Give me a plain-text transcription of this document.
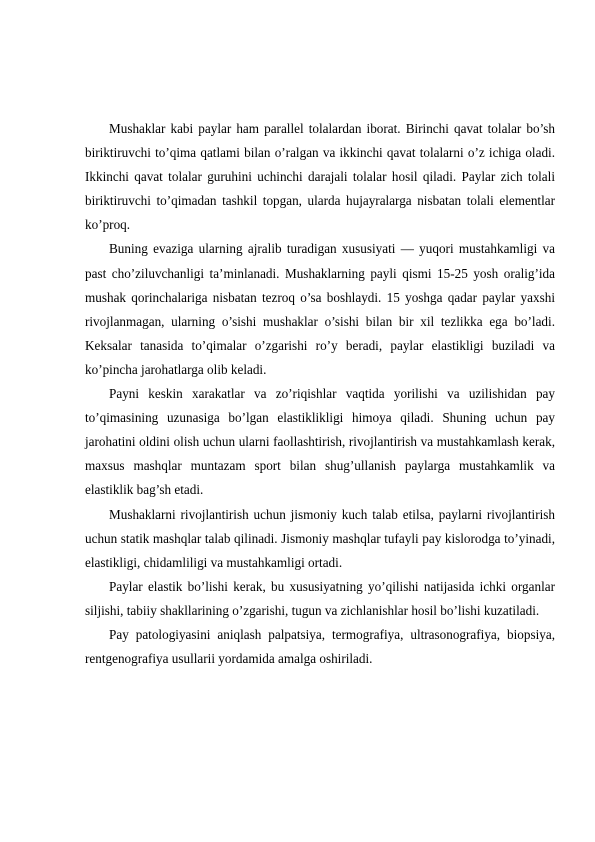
Mushaklar kabi paylar ham parallel tolalardan iborat. Birinchi qavat tolalar bo’sh biriktiruvchi to’qima qatlami bilan o’ralgan va ikkinchi qavat tolalarni o’z ichiga oladi. Ikkinchi qavat tolalar guruhini uchinchi darajali tolalar hosil qiladi. Paylar zich tolali biriktiruvchi to’qimadan tashkil topgan, ularda hujayralarga nisbatan tolali elementlar ko’proq.

Buning evaziga ularning ajralib turadigan xususiyati — yuqori mustahkamligi va past cho’ziluvchanligi ta’minlanadi. Mushaklarning payli qismi 15-25 yosh oralig’ida mushak qorinchalariga nisbatan tezroq o’sa boshlaydi. 15 yoshga qadar paylar yaxshi rivojlanmagan, ularning o’sishi mushaklar o’sishi bilan bir xil tezlikka ega bo’ladi. Keksalar tanasida to’qimalar o’zgarishi ro’y beradi, paylar elastikligi buziladi va ko’pincha jarohatlarga olib keladi.

Payni keskin xarakatlar va zo’riqishlar vaqtida yorilishi va uzilishidan pay to’qimasining uzunasiga bo’lgan elastiklikligi himoya qiladi. Shuning uchun pay jarohatini oldini olish uchun ularni faollashtirish, rivojlantirish va mustahkamlash kerak, maxsus mashqlar muntazam sport bilan shug’ullanish paylarga mustahkamlik va elastiklik bag’sh etadi.

Mushaklarni rivojlantirish uchun jismoniy kuch talab etilsa, paylarni rivojlantirish uchun statik mashqlar talab qilinadi. Jismoniy mashqlar tufayli pay kislorodga to’yinadi, elastikligi, chidamliligi va mustahkamligi ortadi.

Paylar elastik bo’lishi kerak, bu xususiyatning yo’qilishi natijasida ichki organlar siljishi, tabiiy shakllarining o’zgarishi, tugun va zichlanishlar hosil bo’lishi kuzatiladi.

Pay patologiyasini aniqlash palpatsiya, termografiya, ultrasonografiya, biopsiya, rentgenografiya usullarii yordamida amalga oshiriladi.
